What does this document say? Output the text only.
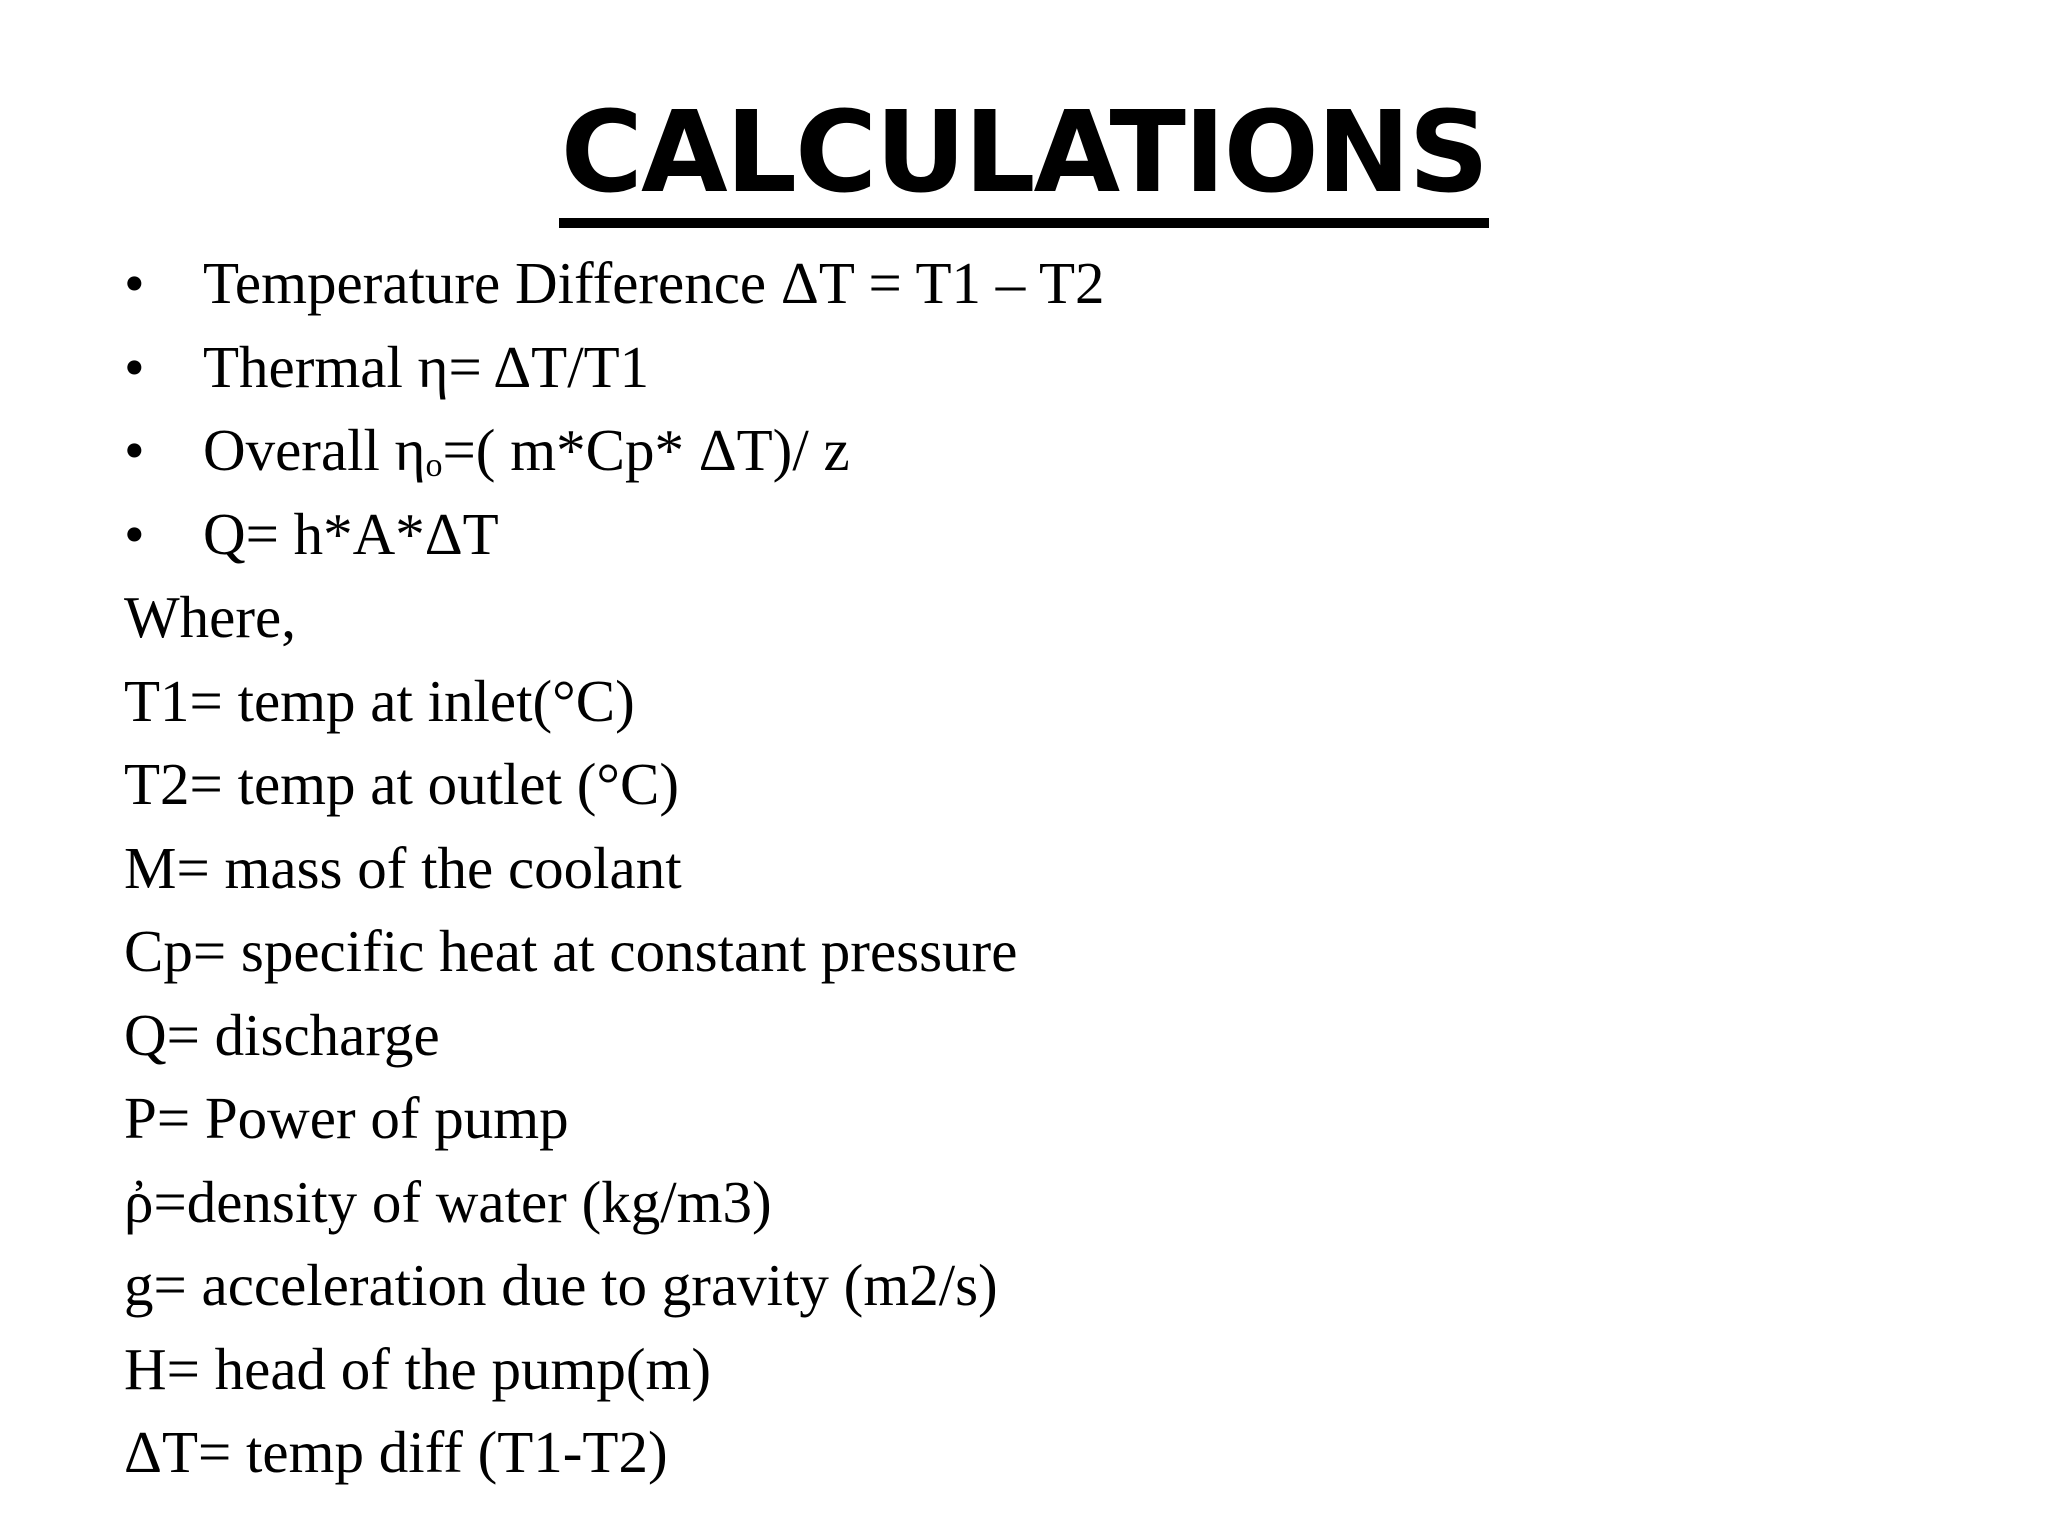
CALCULATIONS
• Temperature Difference ΔT = T1 – T2
• Thermal η= ΔT/T1
• Overall ηo=( m*Cp* ΔT)/ z
• Q= h*A*ΔT
Where,
T1= temp at inlet(°C)
T2= temp at outlet (°C)
M= mass of the coolant
Cp= specific heat at constant pressure
Q= discharge
P= Power of pump
ῤ=density of water (kg/m3)
g= acceleration due to gravity (m2/s)
H= head of the pump(m)
ΔT= temp diff (T1-T2)
